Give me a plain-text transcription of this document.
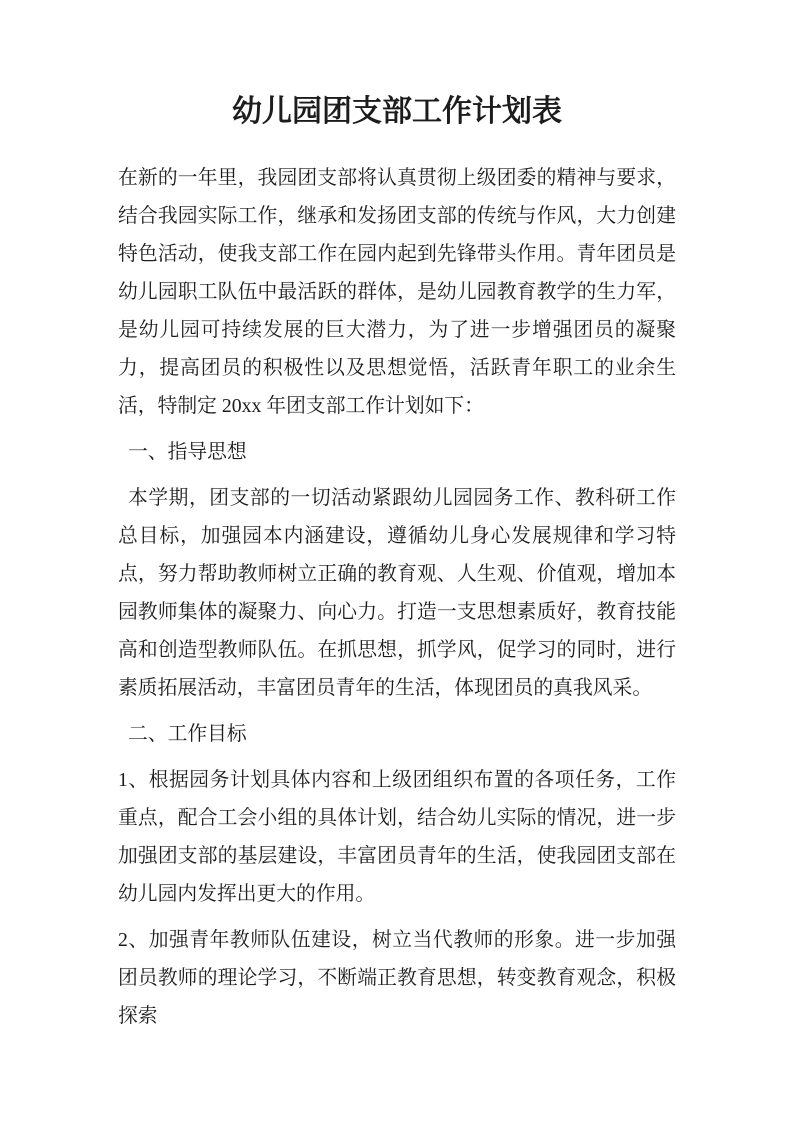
幼儿园团支部工作计划表

在新的一年里，我园团支部将认真贯彻上级团委的精神与要求，结合我园实际工作，继承和发扬团支部的传统与作风，大力创建特色活动，使我支部工作在园内起到先锋带头作用。青年团员是幼儿园职工队伍中最活跃的群体，是幼儿园教育教学的生力军，是幼儿园可持续发展的巨大潜力，为了进一步增强团员的凝聚力，提高团员的积极性以及思想觉悟，活跃青年职工的业余生活，特制定 20xx 年团支部工作计划如下：

一、指导思想

本学期，团支部的一切活动紧跟幼儿园园务工作、教科研工作总目标，加强园本内涵建设，遵循幼儿身心发展规律和学习特点，努力帮助教师树立正确的教育观、人生观、价值观，增加本园教师集体的凝聚力、向心力。打造一支思想素质好，教育技能高和创造型教师队伍。在抓思想，抓学风，促学习的同时，进行素质拓展活动，丰富团员青年的生活，体现团员的真我风采。

二、工作目标

1、根据园务计划具体内容和上级团组织布置的各项任务，工作重点，配合工会小组的具体计划，结合幼儿实际的情况，进一步加强团支部的基层建设，丰富团员青年的生活，使我园团支部在幼儿园内发挥出更大的作用。

2、加强青年教师队伍建设，树立当代教师的形象。进一步加强团员教师的理论学习，不断端正教育思想，转变教育观念，积极探索
